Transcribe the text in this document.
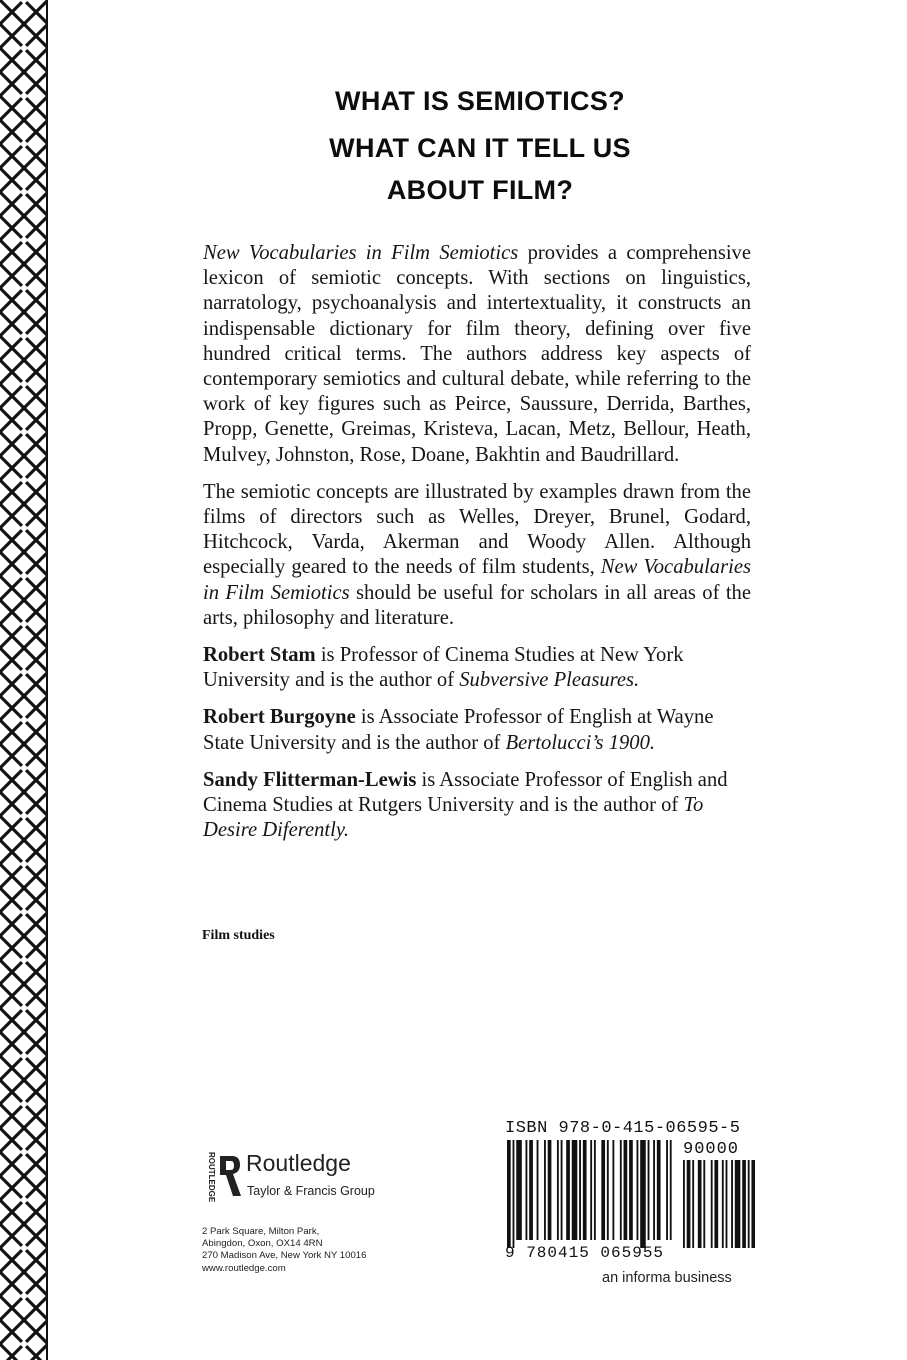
WHAT IS SEMIOTICS?
WHAT CAN IT TELL US
ABOUT FILM?

New Vocabularies in Film Semiotics provides a comprehensive lexicon of semiotic concepts. With sections on linguistics, narratology, psychoanalysis and intertextuality, it constructs an indispensable dictionary for film theory, defining over five hundred critical terms. The authors address key aspects of contemporary semiotics and cultural debate, while referring to the work of key figures such as Peirce, Saussure, Derrida, Barthes, Propp, Genette, Greimas, Kristeva, Lacan, Metz, Bellour, Heath, Mulvey, Johnston, Rose, Doane, Bakhtin and Baudrillard.

The semiotic concepts are illustrated by examples drawn from the films of directors such as Welles, Dreyer, Brunel, Godard, Hitchcock, Varda, Akerman and Woody Allen. Although especially geared to the needs of film students, New Vocabularies in Film Semiotics should be useful for scholars in all areas of the arts, philosophy and literature.

Robert Stam is Professor of Cinema Studies at New York University and is the author of Subversive Pleasures.

Robert Burgoyne is Associate Professor of English at Wayne State University and is the author of Bertolucci’s 1900.

Sandy Flitterman-Lewis is Associate Professor of English and Cinema Studies at Rutgers University and is the author of To Desire Diferently.

Film studies
ROUTLEDGE Routledge
Taylor & Francis Group
2 Park Square, Milton Park,
Abingdon, Oxon, OX14 4RN
270 Madison Ave, New York NY 10016
www.routledge.com
ISBN 978-0-415-06595-5
90000
9 780415 065955
an informa business
